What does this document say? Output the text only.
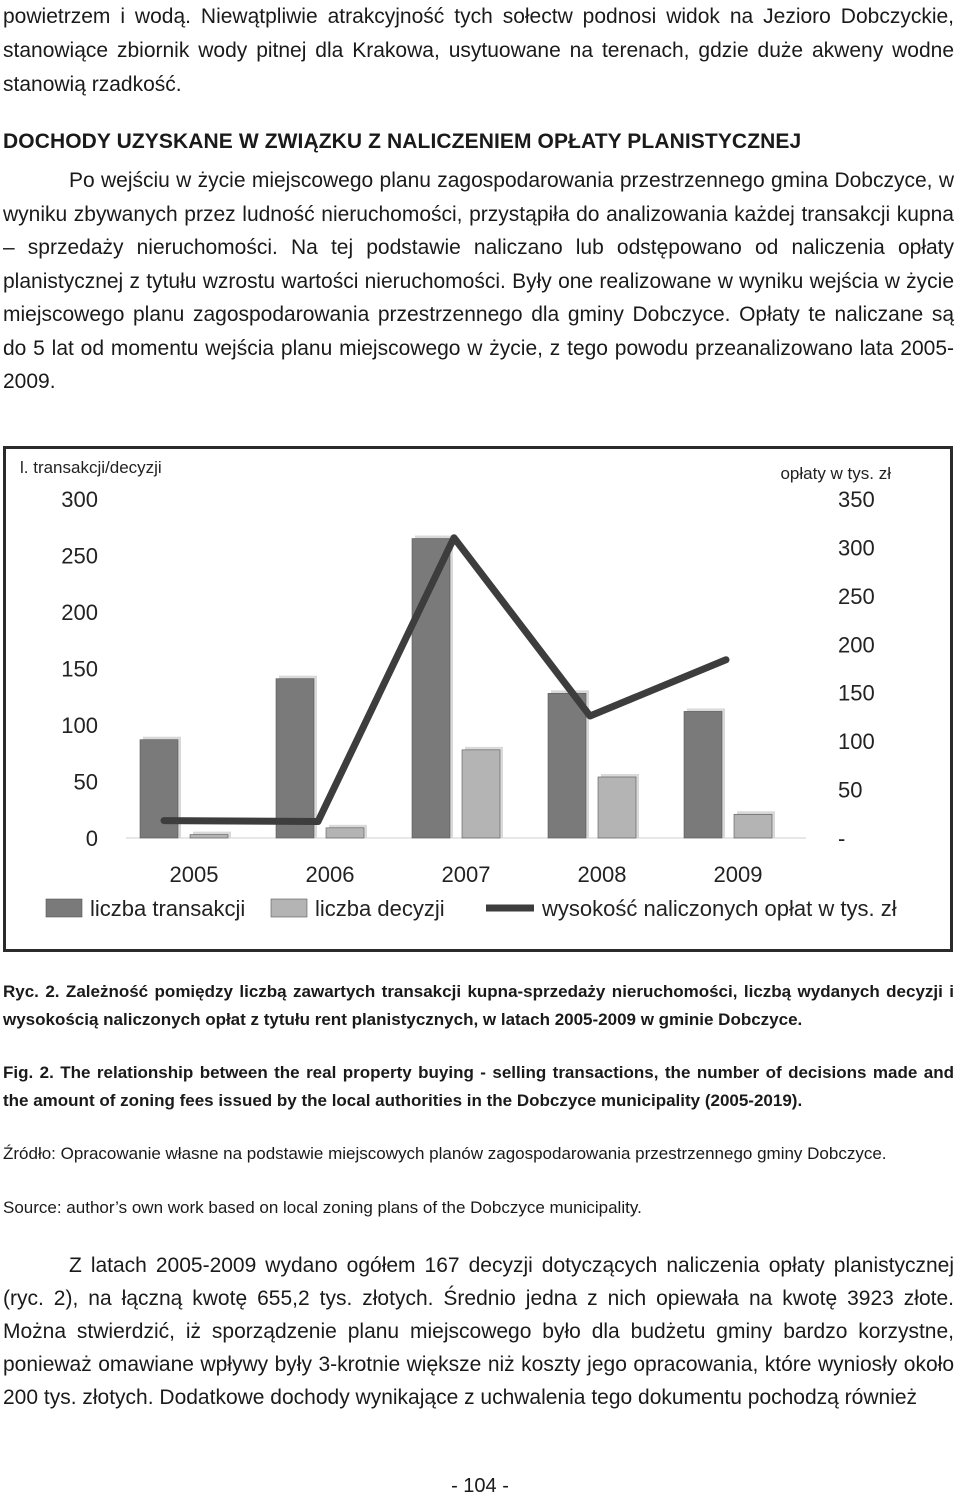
powietrzem i wodą. Niewątpliwie atrakcyjność tych sołectw podnosi widok na Jezioro Dobczyckie, stanowiące zbiornik wody pitnej dla Krakowa, usytuowane na terenach, gdzie duże akweny wodne stanowią rzadkość.

DOCHODY UZYSKANE W ZWIĄZKU Z NALICZENIEM OPŁATY PLANISTYCZNEJ

Po wejściu w życie miejscowego planu zagospodarowania przestrzennego gmina Dobczyce, w wyniku zbywanych przez ludność nieruchomości, przystąpiła do analizowania każdej transakcji kupna – sprzedaży nieruchomości. Na tej podstawie naliczano lub odstępowano od naliczenia opłaty planistycznej z tytułu wzrostu wartości nieruchomości. Były one realizowane w wyniku wejścia w życie miejscowego planu zagospodarowania przestrzennego dla gminy Dobczyce. Opłaty te naliczane są do 5 lat od momentu wejścia planu miejscowego w życie, z tego powodu przeanalizowano lata 2005-2009.

l. transakcji/decyzji	opłaty w tys. zł
0
50
100
150
200
250
300
-
50
100
150
200
250
300
350
2005	2006	2007	2008	2009
liczba transakcji	liczba decyzji	wysokość naliczonych opłat w tys. zł

Ryc. 2. Zależność pomiędzy liczbą zawartych transakcji kupna-sprzedaży nieruchomości, liczbą wydanych decyzji i wysokością naliczonych opłat z tytułu rent planistycznych, w latach 2005-2009 w gminie Dobczyce.

Fig. 2. The relationship between the real property buying - selling transactions, the number of decisions made and the amount of zoning fees issued by the local authorities in the Dobczyce municipality (2005-2019).

Źródło: Opracowanie własne na podstawie miejscowych planów zagospodarowania przestrzennego gminy Dobczyce.

Source: author’s own work based on local zoning plans of the Dobczyce municipality.

Z latach 2005-2009 wydano ogółem 167 decyzji dotyczących naliczenia opłaty planistycznej (ryc. 2), na łączną kwotę 655,2 tys. złotych. Średnio jedna z nich opiewała na kwotę 3923 złote. Można stwierdzić, iż sporządzenie planu miejscowego było dla budżetu gminy bardzo korzystne, ponieważ omawiane wpływy były 3-krotnie większe niż koszty jego opracowania, które wyniosły około 200 tys. złotych. Dodatkowe dochody wynikające z uchwalenia tego dokumentu pochodzą również

- 104 -
